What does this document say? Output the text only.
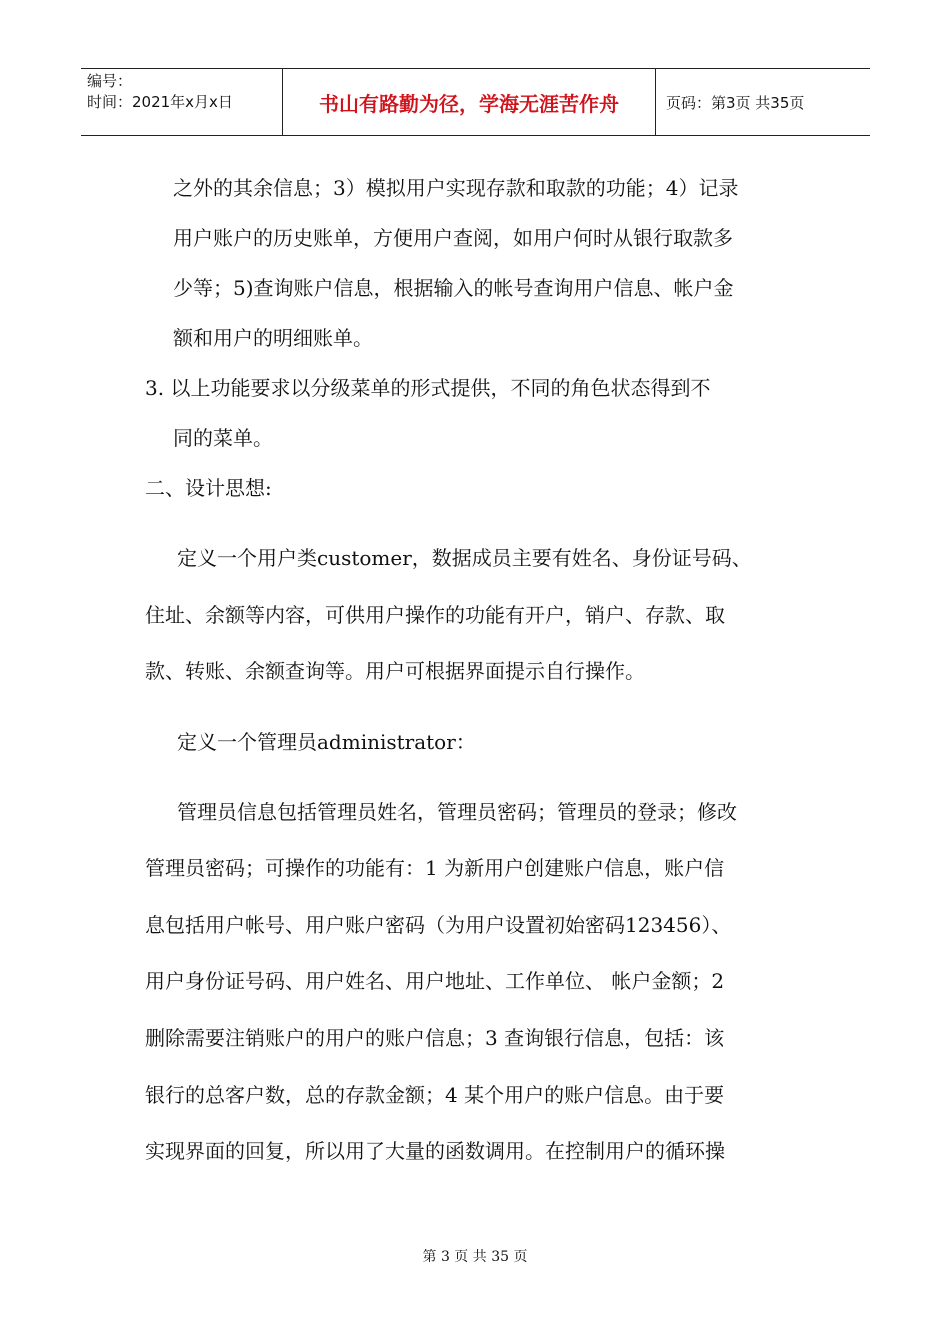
编号：
时间：2021年x月x日	书山有路勤为径，学海无涯苦作舟	页码：第3页 共35页
之外的其余信息；3）模拟用户实现存款和取款的功能；4）记录
用户账户的历史账单，方便用户查阅，如用户何时从银行取款多
少等；5)查询账户信息，根据输入的帐号查询用户信息、帐户金
额和用户的明细账单。
3. 以上功能要求以分级菜单的形式提供，不同的角色状态得到不
同的菜单。
二、设计思想:
定义一个用户类customer，数据成员主要有姓名、身份证号码、
住址、余额等内容，可供用户操作的功能有开户，销户、存款、取
款、转账、余额查询等。用户可根据界面提示自行操作。
定义一个管理员administrator：
管理员信息包括管理员姓名，管理员密码；管理员的登录；修改
管理员密码；可操作的功能有：1 为新用户创建账户信息，账户信
息包括用户帐号、用户账户密码（为用户设置初始密码123456）、
用户身份证号码、用户姓名、用户地址、工作单位、 帐户金额；2
删除需要注销账户的用户的账户信息；3 查询银行信息，包括：该
银行的总客户数，总的存款金额；4 某个用户的账户信息。由于要
实现界面的回复，所以用了大量的函数调用。在控制用户的循环操
第 3 页 共 35 页
